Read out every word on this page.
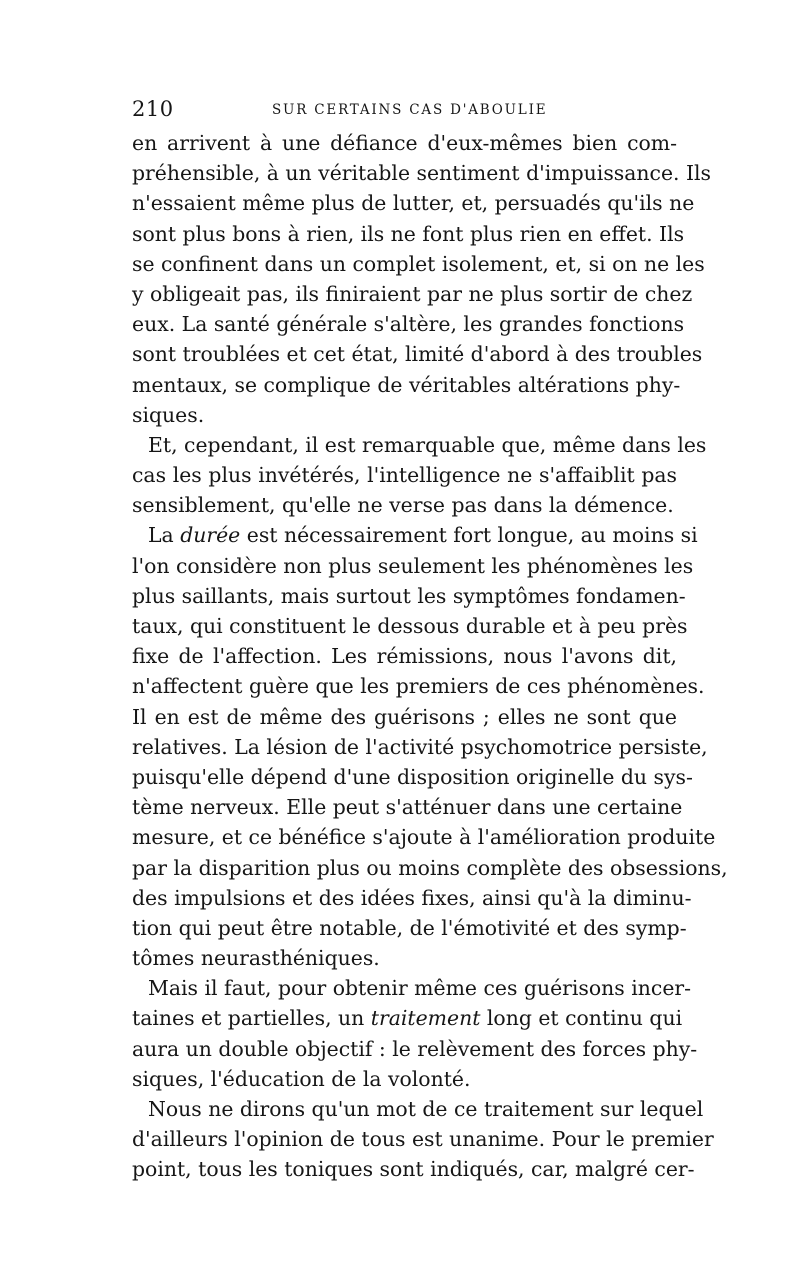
210	SUR CERTAINS CAS D'ABOULIE
en arrivent à une défiance d'eux-mêmes bien com-
préhensible, à un véritable sentiment d'impuissance. Ils
n'essaient même plus de lutter, et, persuadés qu'ils ne
sont plus bons à rien, ils ne font plus rien en effet. Ils
se confinent dans un complet isolement, et, si on ne les
y obligeait pas, ils finiraient par ne plus sortir de chez
eux. La santé générale s'altère, les grandes fonctions
sont troublées et cet état, limité d'abord à des troubles
mentaux, se complique de véritables altérations phy-
siques.
Et, cependant, il est remarquable que, même dans les
cas les plus invétérés, l'intelligence ne s'affaiblit pas
sensiblement, qu'elle ne verse pas dans la démence.
La durée est nécessairement fort longue, au moins si
l'on considère non plus seulement les phénomènes les
plus saillants, mais surtout les symptômes fondamen-
taux, qui constituent le dessous durable et à peu près
fixe de l'affection. Les rémissions, nous l'avons dit,
n'affectent guère que les premiers de ces phénomènes.
Il en est de même des guérisons ; elles ne sont que
relatives. La lésion de l'activité psychomotrice persiste,
puisqu'elle dépend d'une disposition originelle du sys-
tème nerveux. Elle peut s'atténuer dans une certaine
mesure, et ce bénéfice s'ajoute à l'amélioration produite
par la disparition plus ou moins complète des obsessions,
des impulsions et des idées fixes, ainsi qu'à la diminu-
tion qui peut être notable, de l'émotivité et des symp-
tômes neurasthéniques.
Mais il faut, pour obtenir même ces guérisons incer-
taines et partielles, un traitement long et continu qui
aura un double objectif : le relèvement des forces phy-
siques, l'éducation de la volonté.
Nous ne dirons qu'un mot de ce traitement sur lequel
d'ailleurs l'opinion de tous est unanime. Pour le premier
point, tous les toniques sont indiqués, car, malgré cer-
